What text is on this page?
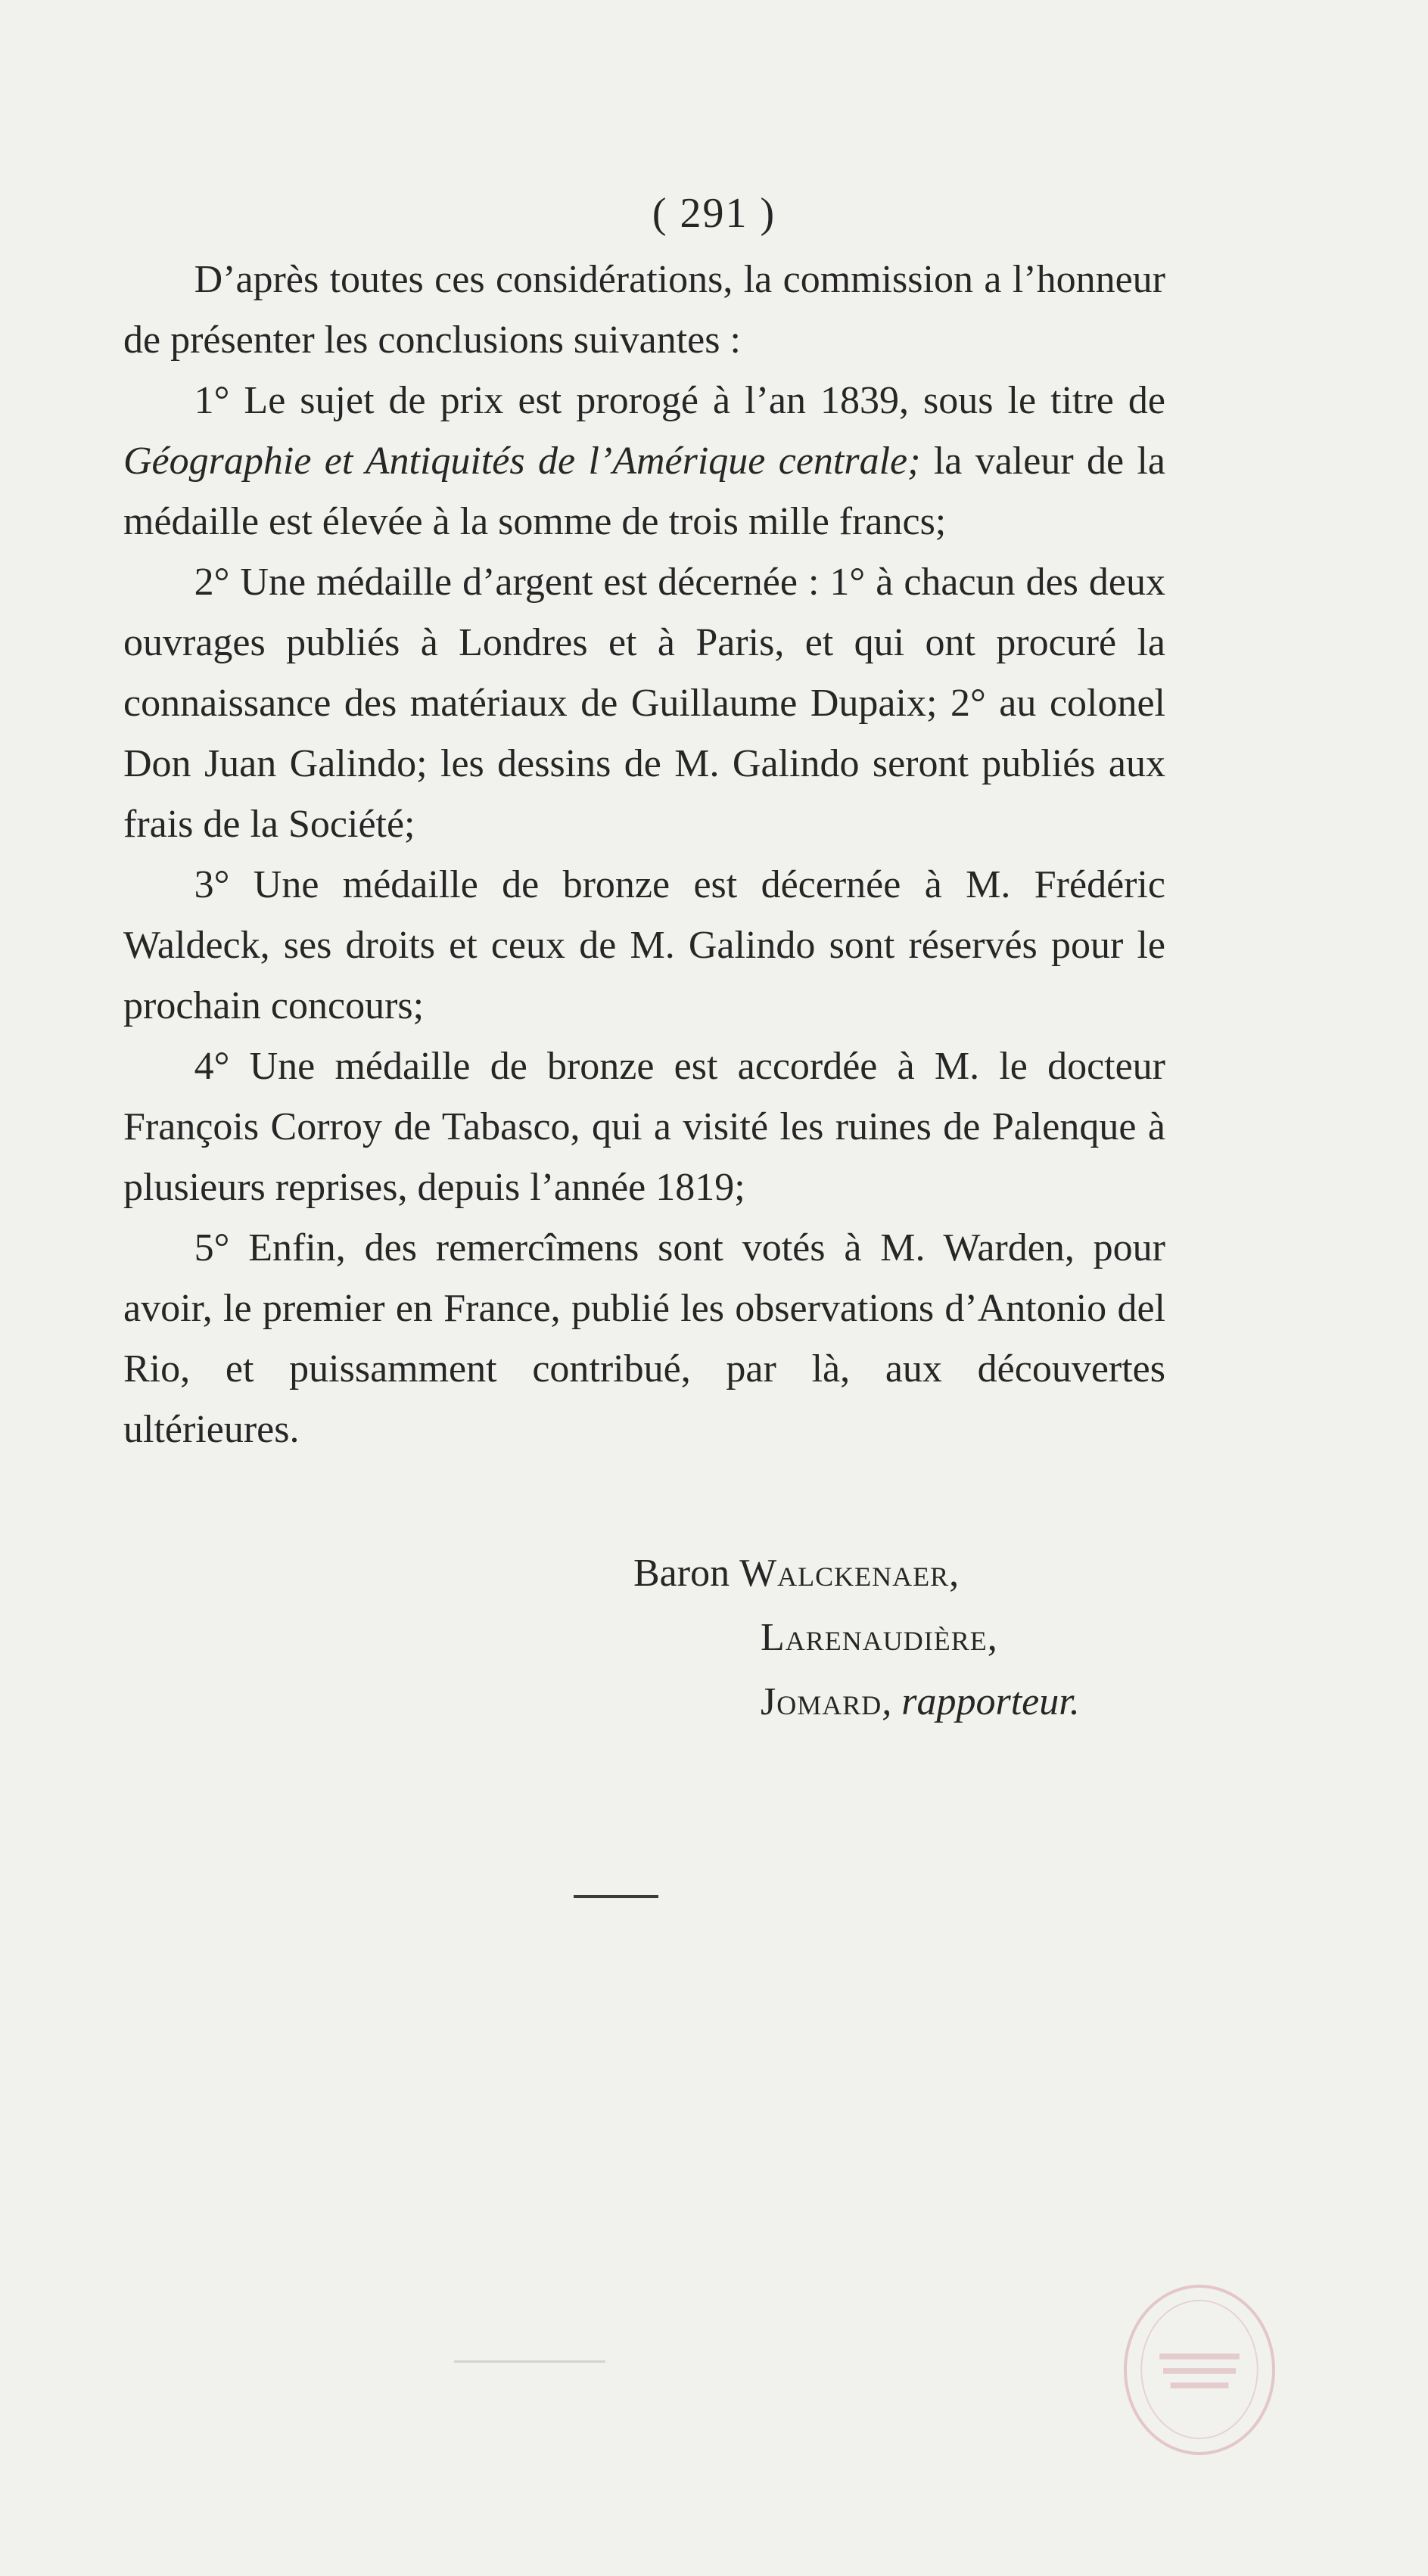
( 291 )

D’après toutes ces considérations, la commission a l’honneur de présenter les conclusions suivantes :

1° Le sujet de prix est prorogé à l’an 1839, sous le titre de Géographie et Antiquités de l’Amérique centrale; la valeur de la médaille est élevée à la somme de trois mille francs;

2° Une médaille d’argent est décernée : 1° à chacun des deux ouvrages publiés à Londres et à Paris, et qui ont procuré la connaissance des matériaux de Guillaume Dupaix; 2° au colonel Don Juan Galindo; les dessins de M. Galindo seront publiés aux frais de la Société;

3° Une médaille de bronze est décernée à M. Frédéric Waldeck, ses droits et ceux de M. Galindo sont réservés pour le prochain concours;

4° Une médaille de bronze est accordée à M. le docteur François Corroy de Tabasco, qui a visité les ruines de Palenque à plusieurs reprises, depuis l’année 1819;

5° Enfin, des remercîmens sont votés à M. Warden, pour avoir, le premier en France, publié les observations d’Antonio del Rio, et puissamment contribué, par là, aux découvertes ultérieures.

Baron Walckenaer,
Larenaudière,
Jomard, rapporteur.
